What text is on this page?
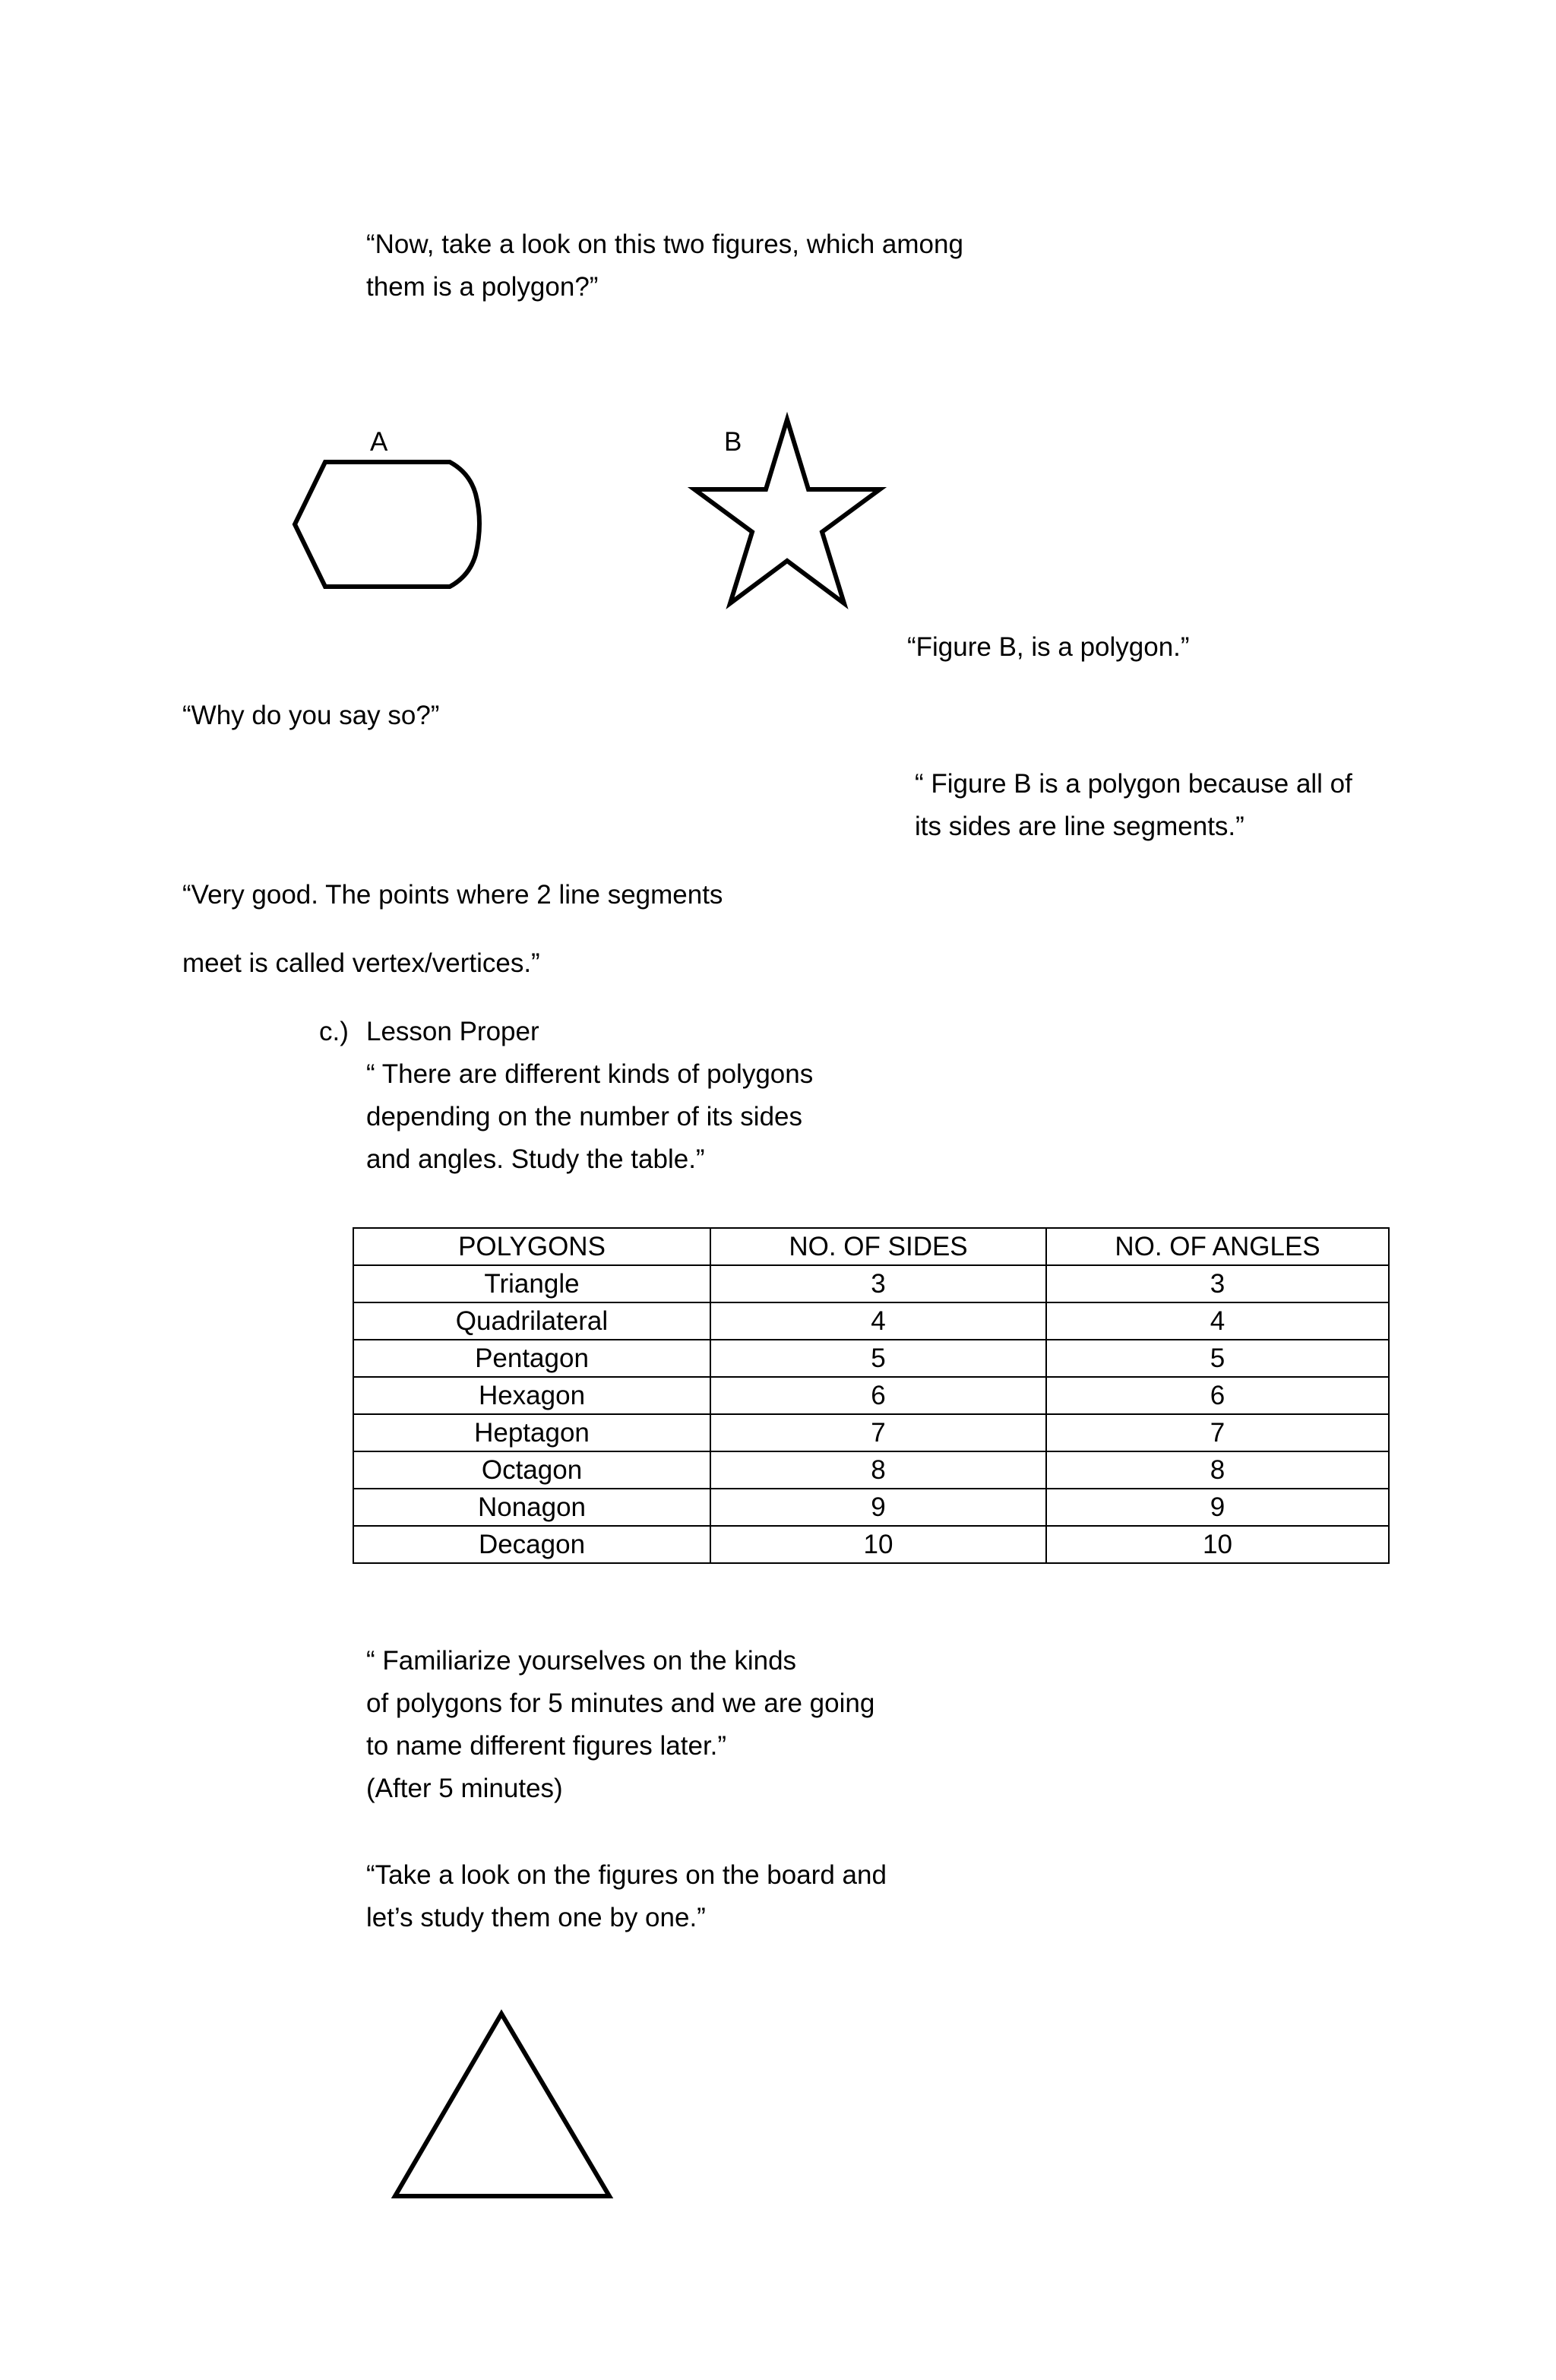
“Now, take a look on this two figures, which among
them is a polygon?”
A	B
“Figure B, is a polygon.”
“Why do you say so?”
“ Figure B is a polygon because all of
its sides are line segments.”
“Very good. The points where 2 line segments
meet is called vertex/vertices.”
c.) Lesson Proper
“ There are different kinds of polygons
depending on the number of its sides
and angles. Study the table.”
POLYGONS	NO. OF SIDES	NO. OF ANGLES
Triangle	3	3
Quadrilateral	4	4
Pentagon	5	5
Hexagon	6	6
Heptagon	7	7
Octagon	8	8
Nonagon	9	9
Decagon	10	10
“ Familiarize yourselves on the kinds
of polygons for 5 minutes and we are going
to name different figures later.”
(After 5 minutes)
“Take a look on the figures on the board and
let’s study them one by one.”
